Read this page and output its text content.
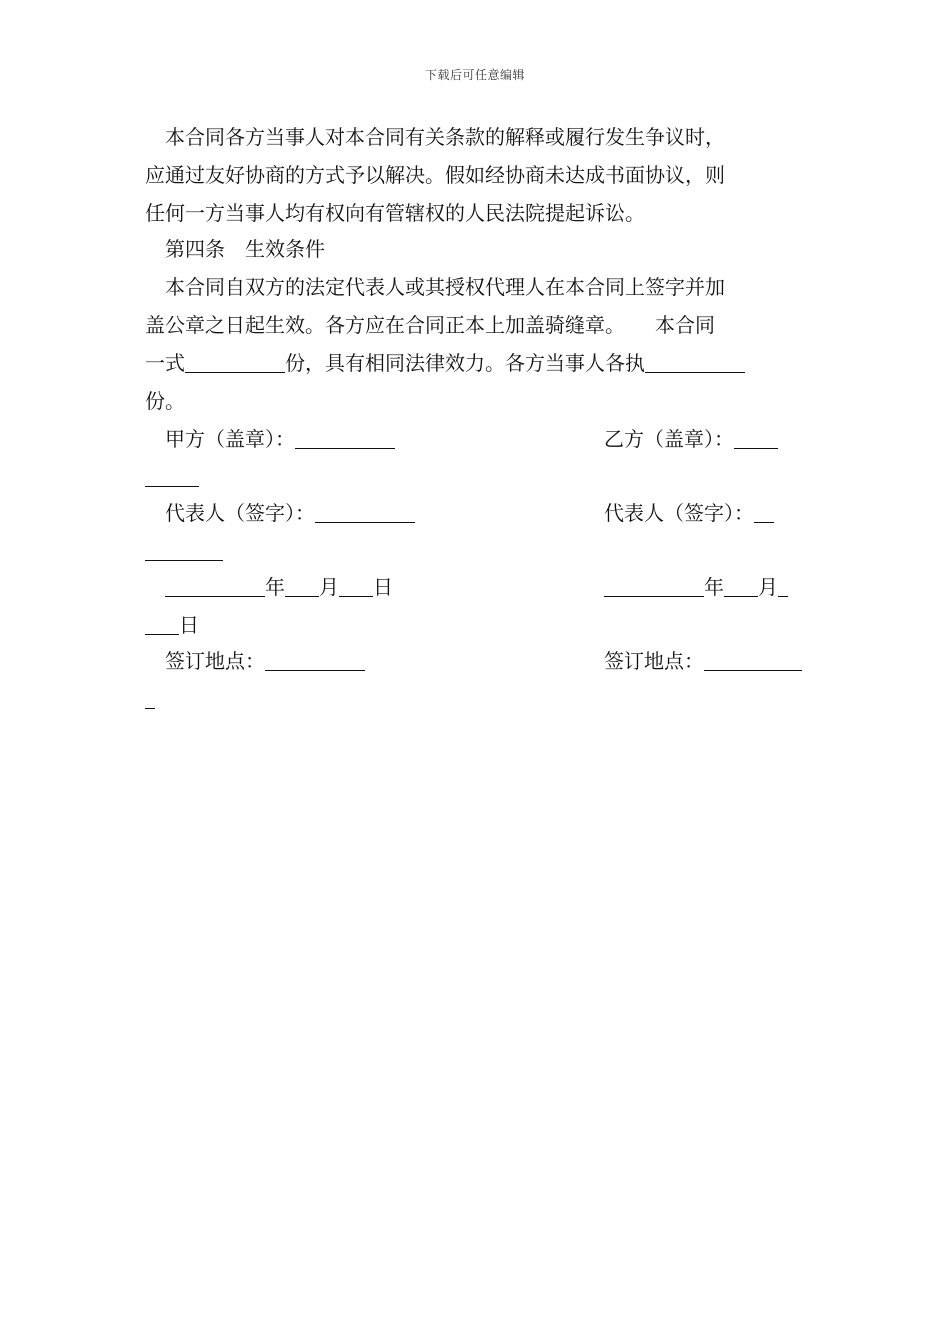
下载后可任意编辑
本合同各方当事人对本合同有关条款的解释或履行发生争议时，
应通过友好协商的方式予以解决。假如经协商未达成书面协议，则
任何一方当事人均有权向有管辖权的人民法院提起诉讼。
第四条　生效条件
本合同自双方的法定代表人或其授权代理人在本合同上签字并加
盖公章之日起生效。各方应在合同正本上加盖骑缝章。　　本合同
一式	份，具有相同法律效力。各方当事人各执
份。
甲方（盖章）：	乙方（盖章）：
代表人（签字）：	代表人（签字）：
年 月 日	年 月
日
签订地点：	签订地点：
